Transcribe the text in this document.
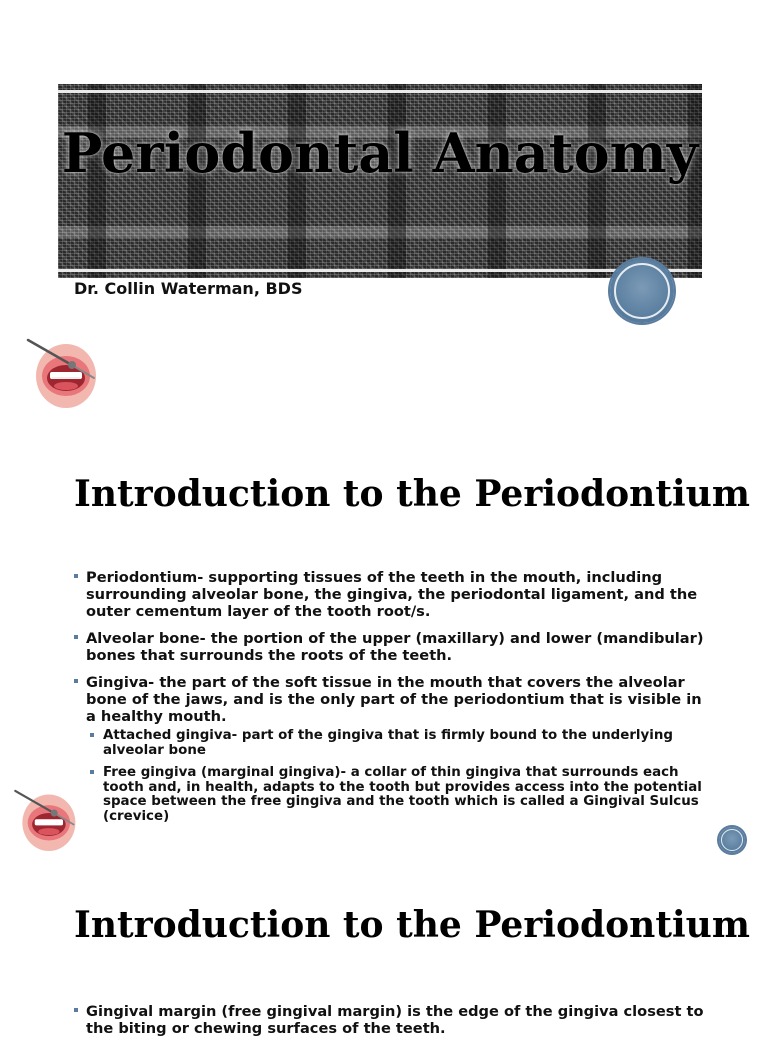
Periodontal Anatomy
Dr. Collin Waterman, BDS
Introduction to the Periodontium
Periodontium- supporting tissues of the teeth in the mouth, including surrounding alveolar bone, the gingiva, the periodontal ligament, and the outer cementum layer of the tooth root/s.
Alveolar bone- the portion of the upper (maxillary) and lower (mandibular) bones that surrounds the roots of the teeth.
Gingiva- the part of the soft tissue in the mouth that covers the alveolar bone of the jaws, and is the only part of the periodontium that is visible in a healthy mouth.
Attached gingiva- part of the gingiva that is firmly bound to the underlying alveolar bone
Free gingiva (marginal gingiva)- a collar of thin gingiva that surrounds each tooth and, in health, adapts to the tooth but provides access into the potential space between the free gingiva and the tooth which is called a Gingival Sulcus (crevice)
Introduction to the Periodontium
Gingival margin (free gingival margin) is the edge of the gingiva closest to the biting or chewing surfaces of the teeth.
